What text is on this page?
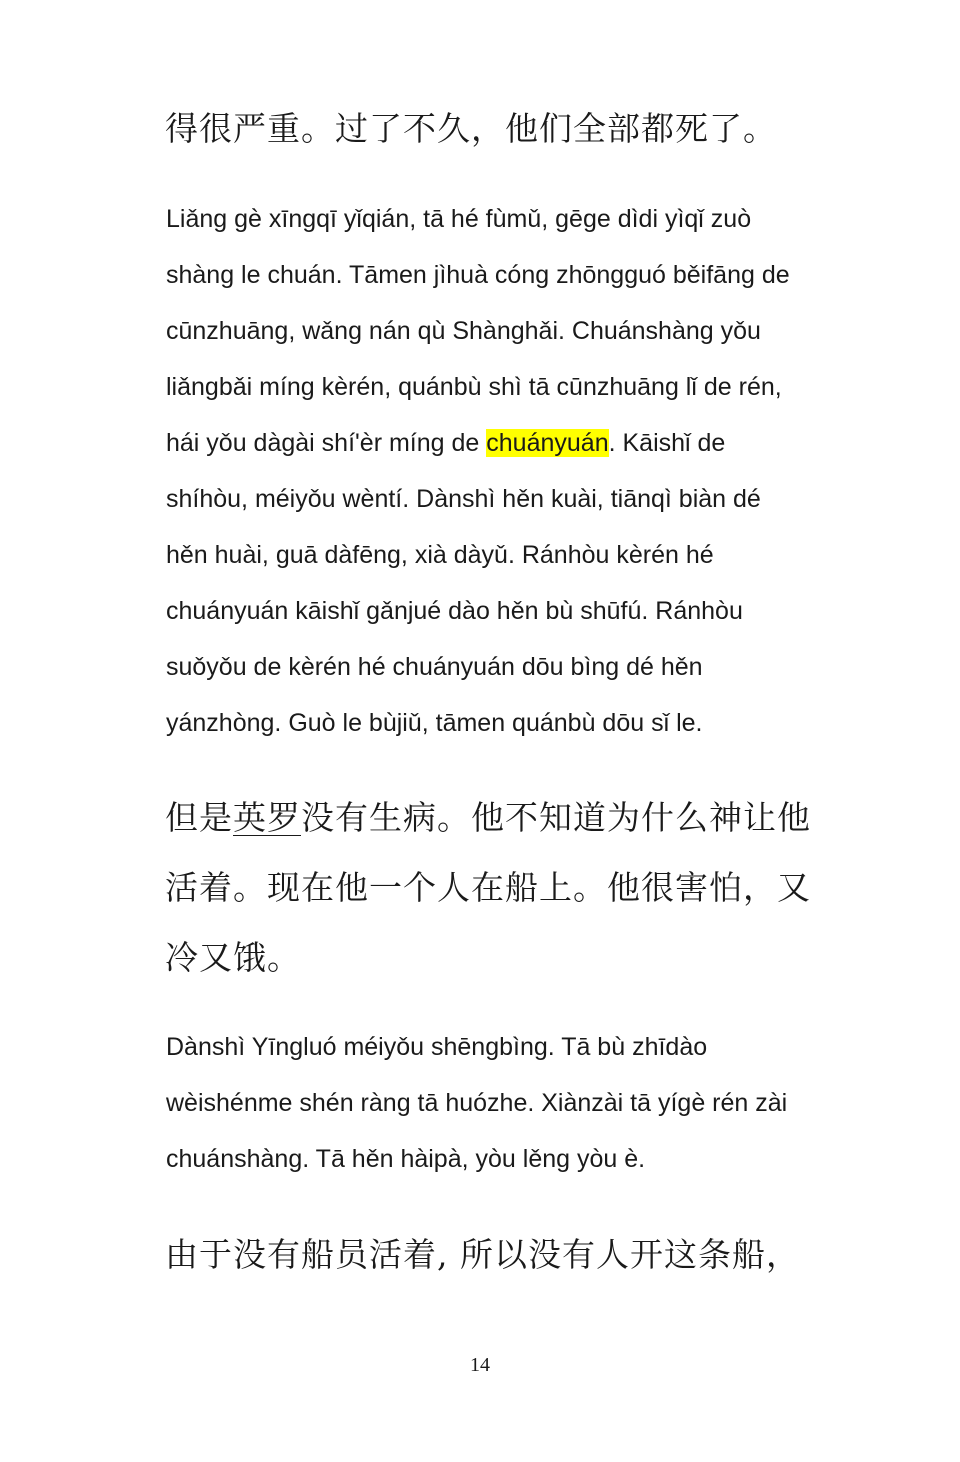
得很严重。过了不久，他们全部都死了。
Liǎng gè xīngqī yǐqián, tā hé fùmǔ, gēge dìdi yìqǐ zuò
shàng le chuán. Tāmen jìhuà cóng zhōngguó běifāng de
cūnzhuāng, wǎng nán qù Shànghǎi. Chuánshàng yǒu
liǎngbǎi míng kèrén, quánbù shì tā cūnzhuāng lǐ de rén,
hái yǒu dàgài shí'èr míng de chuányuán. Kāishǐ de
shíhòu, méiyǒu wèntí. Dànshì hěn kuài, tiānqì biàn dé
hěn huài, guā dàfēng, xià dàyǔ. Ránhòu kèrén hé
chuányuán kāishǐ gǎnjué dào hěn bù shūfú. Ránhòu
suǒyǒu de kèrén hé chuányuán dōu bìng dé hěn
yánzhòng. Guò le bùjiǔ, tāmen quánbù dōu sǐ le.
但是英罗没有生病。他不知道为什么神让他
活着。现在他一个人在船上。他很害怕，又
冷又饿。
Dànshì Yīngluó méiyǒu shēngbìng. Tā bù zhīdào
wèishénme shén ràng tā huózhe. Xiànzài tā yígè rén zài
chuánshàng. Tā hěn hàipà, yòu lěng yòu è.
由于没有船员活着, 所以没有人开这条船，
14
